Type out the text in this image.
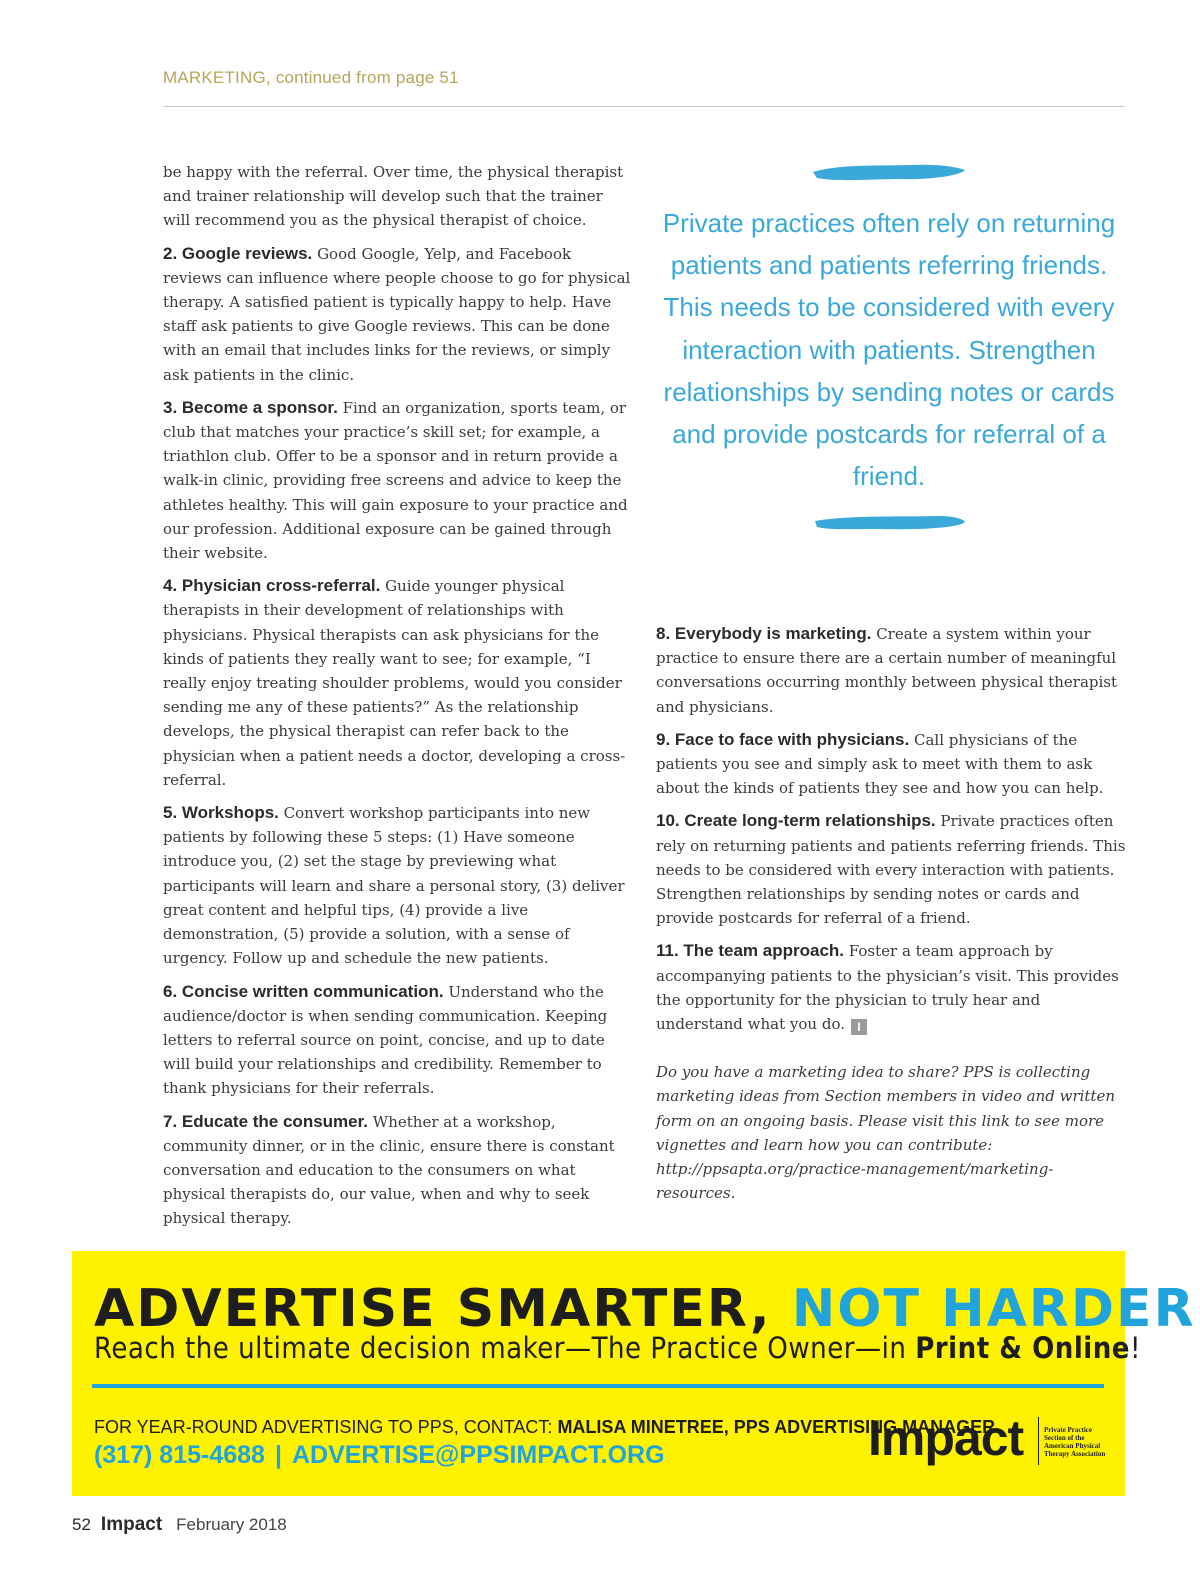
MARKETING, continued from page 51

be happy with the referral. Over time, the physical therapist and trainer relationship will develop such that the trainer will recommend you as the physical therapist of choice.

2. Google reviews. Good Google, Yelp, and Facebook reviews can influence where people choose to go for physical therapy. A satisfied patient is typically happy to help. Have staff ask patients to give Google reviews. This can be done with an email that includes links for the reviews, or simply ask patients in the clinic.

3. Become a sponsor. Find an organization, sports team, or club that matches your practice’s skill set; for example, a triathlon club. Offer to be a sponsor and in return provide a walk-in clinic, providing free screens and advice to keep the athletes healthy. This will gain exposure to your practice and our profession. Additional exposure can be gained through their website.

4. Physician cross-referral. Guide younger physical therapists in their development of relationships with physicians. Physical therapists can ask physicians for the kinds of patients they really want to see; for example, “I really enjoy treating shoulder problems, would you consider sending me any of these patients?” As the relationship develops, the physical therapist can refer back to the physician when a patient needs a doctor, developing a cross-referral.

5. Workshops. Convert workshop participants into new patients by following these 5 steps: (1) Have someone introduce you, (2) set the stage by previewing what participants will learn and share a personal story, (3) deliver great content and helpful tips, (4) provide a live demonstration, (5) provide a solution, with a sense of urgency. Follow up and schedule the new patients.

6. Concise written communication. Understand who the audience/doctor is when sending communication. Keeping letters to referral source on point, concise, and up to date will build your relationships and credibility. Remember to thank physicians for their referrals.

7. Educate the consumer. Whether at a workshop, community dinner, or in the clinic, ensure there is constant conversation and education to the consumers on what physical therapists do, our value, when and why to seek physical therapy.

Private practices often rely on returning patients and patients referring friends. This needs to be considered with every interaction with patients. Strengthen relationships by sending notes or cards and provide postcards for referral of a friend.

8. Everybody is marketing. Create a system within your practice to ensure there are a certain number of meaningful conversations occurring monthly between physical therapist and physicians.

9. Face to face with physicians. Call physicians of the patients you see and simply ask to meet with them to ask about the kinds of patients they see and how you can help.

10. Create long-term relationships. Private practices often rely on returning patients and patients referring friends. This needs to be considered with every interaction with patients. Strengthen relationships by sending notes or cards and provide postcards for referral of a friend.

11. The team approach. Foster a team approach by accompanying patients to the physician’s visit. This provides the opportunity for the physician to truly hear and understand what you do. I

Do you have a marketing idea to share? PPS is collecting marketing ideas from Section members in video and written form on an ongoing basis. Please visit this link to see more vignettes and learn how you can contribute: http://ppsapta.org/practice-management/marketing-resources.

ADVERTISE SMARTER, NOT HARDER
Reach the ultimate decision maker—The Practice Owner—in Print & Online!
FOR YEAR-ROUND ADVERTISING TO PPS, CONTACT: MALISA MINETREE, PPS ADVERTISING MANAGER
(317) 815-4688 | ADVERTISE@PPSIMPACT.ORG	Impact	Private Practice Section of the American Physical Therapy Association
52 Impact February 2018
